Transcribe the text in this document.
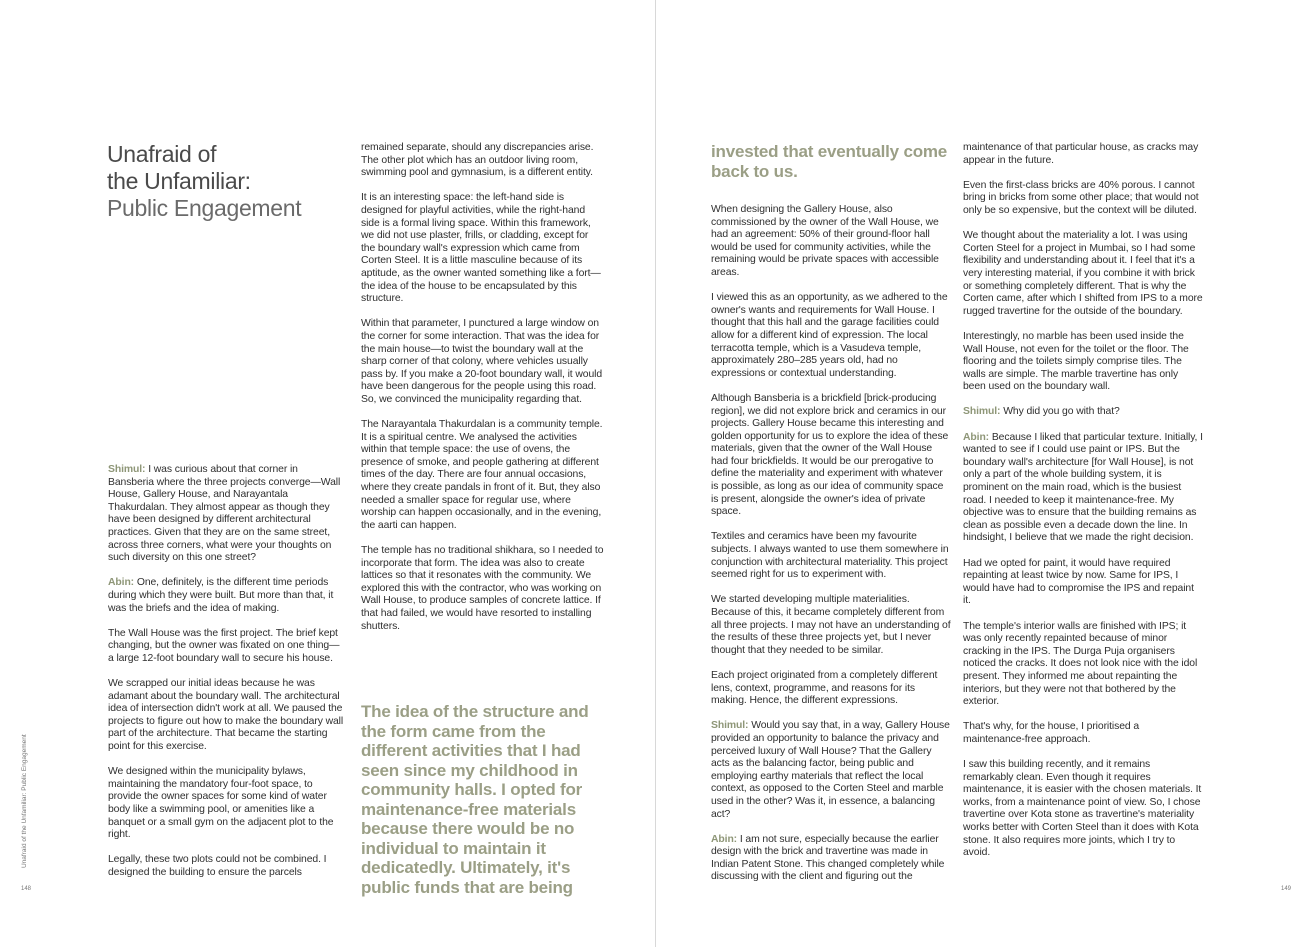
Unafraid of
the Unfamiliar:
Public Engagement
Unafraid of the Unfamiliar: Public Engagement
148	149

Shimul: I was curious about that corner in Bansberia where the three projects converge—Wall House, Gallery House, and Narayantala Thakurdalan. They almost appear as though they have been designed by different architectural practices. Given that they are on the same street, across three corners, what were your thoughts on such diversity on this one street?

Abin: One, definitely, is the different time periods during which they were built. But more than that, it was the briefs and the idea of making.

The Wall House was the first project. The brief kept changing, but the owner was fixated on one thing—a large 12-foot boundary wall to secure his house.

We scrapped our initial ideas because he was adamant about the boundary wall. The architectural idea of intersection didn't work at all. We paused the projects to figure out how to make the boundary wall part of the architecture. That became the starting point for this exercise.

We designed within the municipality bylaws, maintaining the mandatory four-foot space, to provide the owner spaces for some kind of water body like a swimming pool, or amenities like a banquet or a small gym on the adjacent plot to the right.

Legally, these two plots could not be combined. I designed the building to ensure the parcels

remained separate, should any discrepancies arise. The other plot which has an outdoor living room, swimming pool and gymnasium, is a different entity.

It is an interesting space: the left-hand side is designed for playful activities, while the right-hand side is a formal living space. Within this framework, we did not use plaster, frills, or cladding, except for the boundary wall's expression which came from Corten Steel. It is a little masculine because of its aptitude, as the owner wanted something like a fort—the idea of the house to be encapsulated by this structure.

Within that parameter, I punctured a large window on the corner for some interaction. That was the idea for the main house—to twist the boundary wall at the sharp corner of that colony, where vehicles usually pass by. If you make a 20-foot boundary wall, it would have been dangerous for the people using this road. So, we convinced the municipality regarding that.

The Narayantala Thakurdalan is a community temple. It is a spiritual centre. We analysed the activities within that temple space: the use of ovens, the presence of smoke, and people gathering at different times of the day. There are four annual occasions, where they create pandals in front of it. But, they also needed a smaller space for regular use, where worship can happen occasionally, and in the evening, the aarti can happen.

The temple has no traditional shikhara, so I needed to incorporate that form. The idea was also to create lattices so that it resonates with the community. We explored this with the contractor, who was working on Wall House, to produce samples of concrete lattice. If that had failed, we would have resorted to installing shutters.

The idea of the structure and the form came from the different activities that I had seen since my childhood in community halls. I opted for maintenance-free materials because there would be no individual to maintain it dedicatedly. Ultimately, it's public funds that are being
invested that eventually come back to us.

When designing the Gallery House, also commissioned by the owner of the Wall House, we had an agreement: 50% of their ground-floor hall would be used for community activities, while the remaining would be private spaces with accessible areas.

I viewed this as an opportunity, as we adhered to the owner's wants and requirements for Wall House. I thought that this hall and the garage facilities could allow for a different kind of expression. The local terracotta temple, which is a Vasudeva temple, approximately 280–285 years old, had no expressions or contextual understanding.

Although Bansberia is a brickfield [brick-producing region], we did not explore brick and ceramics in our projects. Gallery House became this interesting and golden opportunity for us to explore the idea of these materials, given that the owner of the Wall House had four brickfields. It would be our prerogative to define the materiality and experiment with whatever is possible, as long as our idea of community space is present, alongside the owner's idea of private space.

Textiles and ceramics have been my favourite subjects. I always wanted to use them somewhere in conjunction with architectural materiality. This project seemed right for us to experiment with.

We started developing multiple materialities. Because of this, it became completely different from all three projects. I may not have an understanding of the results of these three projects yet, but I never thought that they needed to be similar.

Each project originated from a completely different lens, context, programme, and reasons for its making. Hence, the different expressions.

Shimul: Would you say that, in a way, Gallery House provided an opportunity to balance the privacy and perceived luxury of Wall House? That the Gallery acts as the balancing factor, being public and employing earthy materials that reflect the local context, as opposed to the Corten Steel and marble used in the other? Was it, in essence, a balancing act?

Abin: I am not sure, especially because the earlier design with the brick and travertine was made in Indian Patent Stone. This changed completely while discussing with the client and figuring out the

maintenance of that particular house, as cracks may appear in the future.

Even the first-class bricks are 40% porous. I cannot bring in bricks from some other place; that would not only be so expensive, but the context will be diluted.

We thought about the materiality a lot. I was using Corten Steel for a project in Mumbai, so I had some flexibility and understanding about it. I feel that it's a very interesting material, if you combine it with brick or something completely different. That is why the Corten came, after which I shifted from IPS to a more rugged travertine for the outside of the boundary.

Interestingly, no marble has been used inside the Wall House, not even for the toilet or the floor. The flooring and the toilets simply comprise tiles. The walls are simple. The marble travertine has only been used on the boundary wall.

Shimul: Why did you go with that?

Abin: Because I liked that particular texture. Initially, I wanted to see if I could use paint or IPS. But the boundary wall's architecture [for Wall House], is not only a part of the whole building system, it is prominent on the main road, which is the busiest road. I needed to keep it maintenance-free. My objective was to ensure that the building remains as clean as possible even a decade down the line. In hindsight, I believe that we made the right decision.

Had we opted for paint, it would have required repainting at least twice by now. Same for IPS, I would have had to compromise the IPS and repaint it.

The temple's interior walls are finished with IPS; it was only recently repainted because of minor cracking in the IPS. The Durga Puja organisers noticed the cracks. It does not look nice with the idol present. They informed me about repainting the interiors, but they were not that bothered by the exterior.

That's why, for the house, I prioritised a maintenance-free approach.

I saw this building recently, and it remains remarkably clean. Even though it requires maintenance, it is easier with the chosen materials. It works, from a maintenance point of view. So, I chose travertine over Kota stone as travertine's materiality works better with Corten Steel than it does with Kota stone. It also requires more joints, which I try to avoid.
